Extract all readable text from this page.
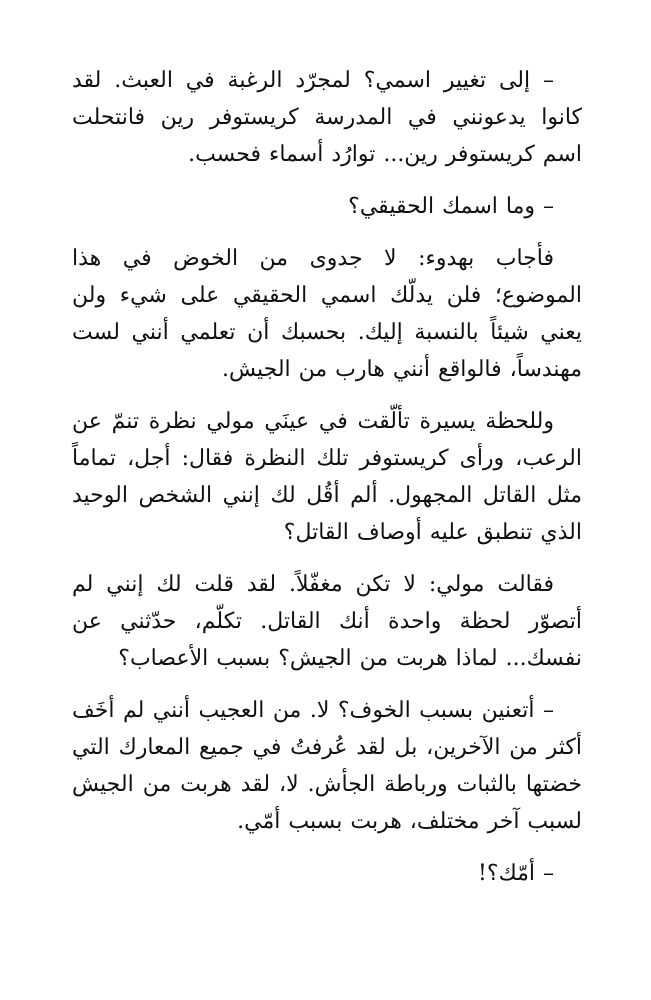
– إلى تغيير اسمي؟ لمجرّد الرغبة في العبث. لقد كانوا يدعونني في المدرسة كريستوفر رين فانتحلت اسم كريستوفر رين... توارُد أسماء فحسب.

– وما اسمك الحقيقي؟

فأجاب بهدوء: لا جدوى من الخوض في هذا الموضوع؛ فلن يدلّك اسمي الحقيقي على شيء ولن يعني شيئاً بالنسبة إليك. بحسبك أن تعلمي أنني لست مهندساً، فالواقع أنني هارب من الجيش.

وللحظة يسيرة تألّقت في عينَي مولي نظرة تنمّ عن الرعب، ورأى كريستوفر تلك النظرة فقال: أجل، تماماً مثل القاتل المجهول. ألم أقُل لك إنني الشخص الوحيد الذي تنطبق عليه أوصاف القاتل؟

فقالت مولي: لا تكن مغفّلاً. لقد قلت لك إنني لم أتصوّر لحظة واحدة أنك القاتل. تكلّم، حدّثني عن نفسك... لماذا هربت من الجيش؟ بسبب الأعصاب؟

– أتعنين بسبب الخوف؟ لا. من العجيب أنني لم أخَف أكثر من الآخرين، بل لقد عُرفتُ في جميع المعارك التي خضتها بالثبات ورباطة الجأش. لا، لقد هربت من الجيش لسبب آخر مختلف، هربت بسبب أمّي.

– أمّك؟!
